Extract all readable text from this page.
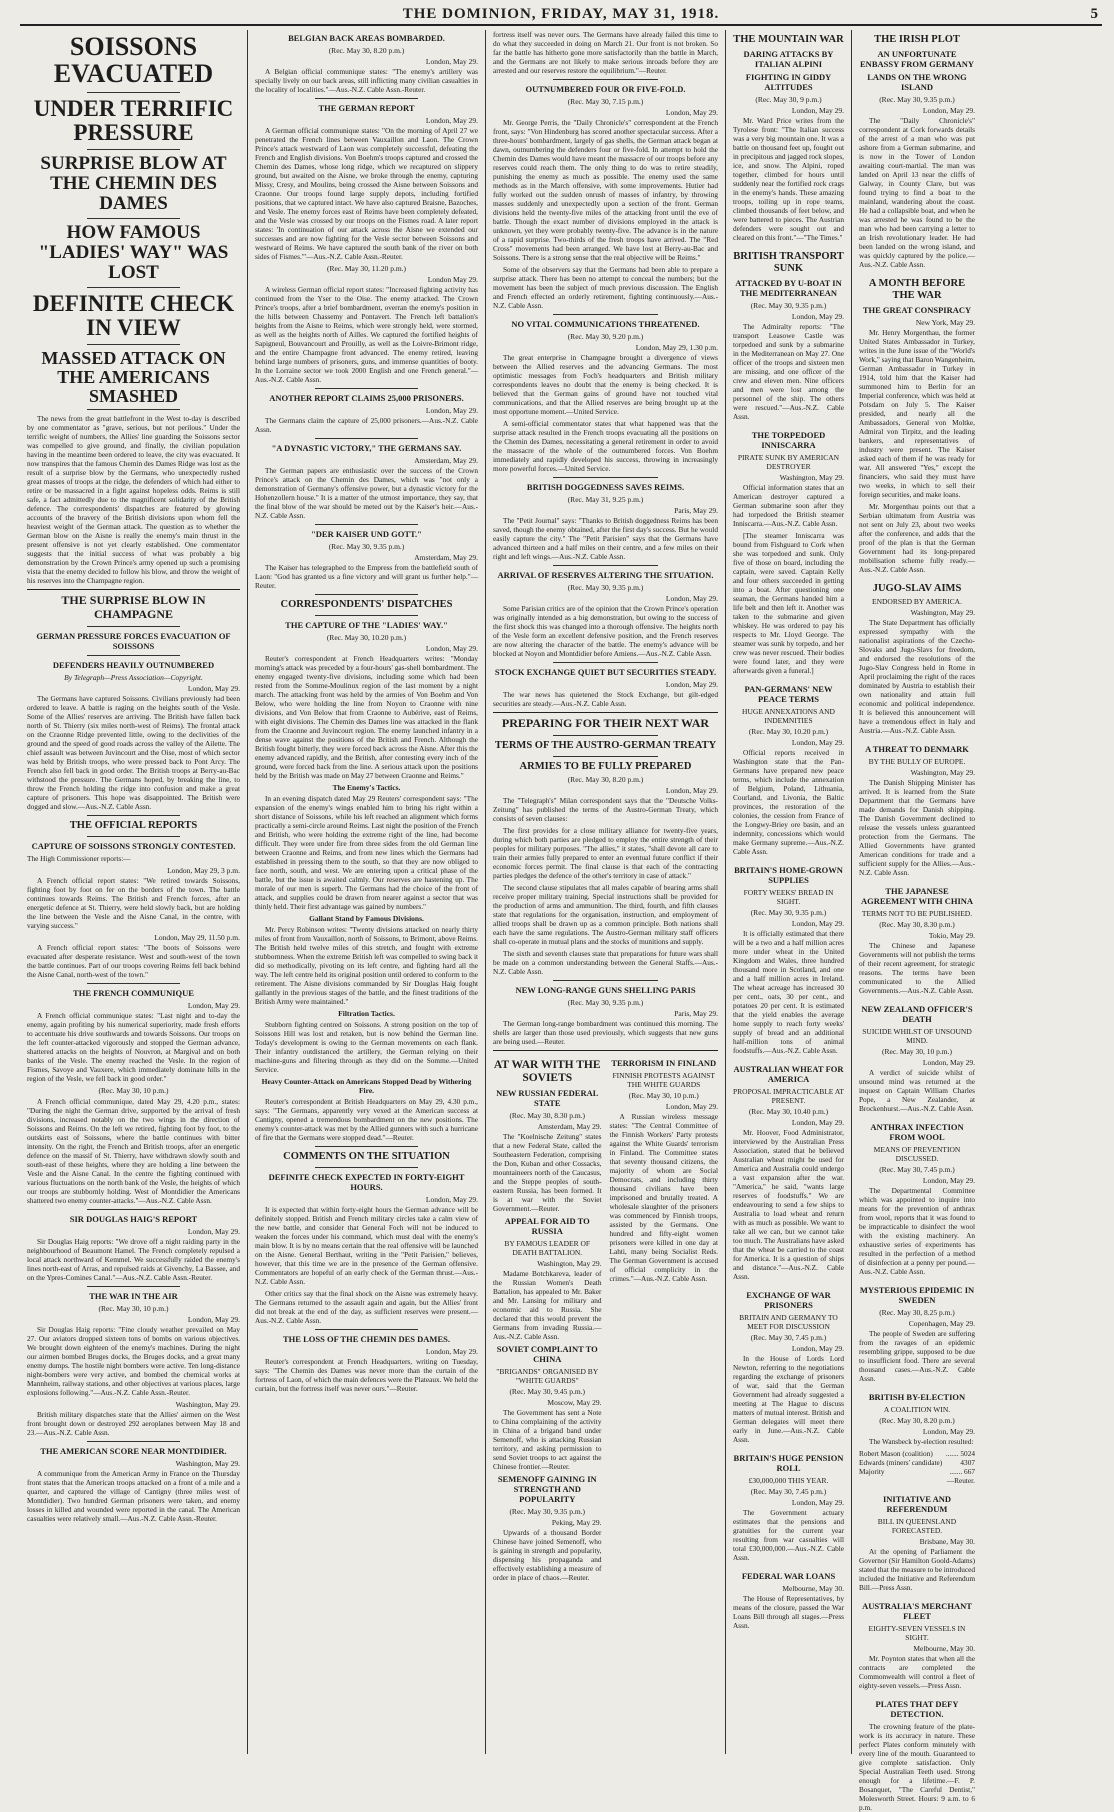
THE DOMINION, FRIDAY, MAY 31, 1918.	5
SOISSONS EVACUATED
UNDER TERRIFIC PRESSURE
SURPRISE BLOW AT THE CHEMIN DES DAMES
HOW FAMOUS "LADIES' WAY" WAS LOST
DEFINITE CHECK IN VIEW
MASSED ATTACK ON THE AMERICANS SMASHED
The news from the great battlefront in the West to-day is described by one commentator as "grave, serious, but not perilous." Under the terrific weight of numbers, the Allies' line guarding the Soissons sector was compelled to give ground, and finally, the civilian population having in the meantime been ordered to leave, the city was evacuated. It now transpires that the famous Chemin des Dames Ridge was lost as the result of a surprise blow by the Germans, who unexpectedly rushed great masses of troops at the ridge, the defenders of which had either to retire or be massacred in a fight against hopeless odds. Reims is still safe, a fact admittedly due to the magnificent solidarity of the British defence. The correspondents' dispatches are featured by glowing accounts of the bravery of the British divisions upon whom fell the heaviest weight of the German attack. The question as to whether the German blow on the Aisne is really the enemy's main thrust in the present offensive is not yet clearly established. One commentator suggests that the initial success of what was probably a big demonstration by the Crown Prince's army opened up such a promising vista that the enemy decided to follow his blow, and throw the weight of his reserves into the Champagne region.
THE SURPRISE BLOW IN CHAMPAGNE
GERMAN PRESSURE FORCES EVACUATION OF SOISSONS
DEFENDERS HEAVILY OUTNUMBERED
By Telegraph—Press Association—Copyright.
London, May 29.
The Germans have captured Soissons. Civilians previously had been ordered to leave. A battle is raging on the heights south of the Vesle. Some of the Allies' reserves are arriving. The British have fallen back north of St. Thierry (six miles north-west of Reims). The frontal attack on the Craonne Ridge prevented little, owing to the declivities of the ground and the speed of good roads across the valley of the Ailette. The chief assault was between Juvincourt and the Oise, most of which sector was held by British troops, who were pressed back to Pont Arcy. The French also fell back in good order. The British troops at Berry-au-Bac withstood the pressure. The Germans hoped, by breaking the line, to throw the French holding the ridge into confusion and make a great capture of prisoners. This hope was disappointed. The British were dogged and slow.—Aus.-N.Z. Cable Assn.
THE OFFICIAL REPORTS
CAPTURE OF SOISSONS STRONGLY CONTESTED.
The High Commissioner reports:—
London, May 29, 3 p.m.
A French official report states: "We retired towards Soissons, fighting foot by foot on fer on the borders of the town. The battle continues towards Reims. The British and French forces, after an energetic defence at St. Thierry, were held slowly back, but are holding the line between the Vesle and the Aisne Canal, in the centre, with varying success."
London, May 29, 11.50 p.m.
A French official report states: "The boots of Soissons were evacuated after desperate resistance. West and south-west of the town the battle continues. Part of our troops covering Reims fell back behind the Aisne Canal, north-west of the town."
THE FRENCH COMMUNIQUE
London, May 29.
A French official communique states: "Last night and to-day the enemy, again profiting by his numerical superiority, made fresh efforts to accentuate his drive southwards and towards Soissons. Our troops on the left counter-attacked vigorously and stopped the German advance, shattered attacks on the heights of Nouvron, at Margival and on both banks of the Vesle. The enemy reached the Vesle. In the region of Fismes, Savoye and Vauxere, which immediately dominate hills in the region of the Vesle, we fell back in good order."
(Rec. May 30, 10 p.m.)
A French official communique, dated May 29, 4.20 p.m., states: "During the night the German drive, supported by the arrival of fresh divisions, increased notably on the two wings in the direction of Soissons and Reims. On the left we retired, fighting foot by foot, to the outskirts east of Soissons, where the battle continues with bitter intensity. On the right, the French and British troops, after an energetic defence on the massif of St. Thierry, have withdrawn slowly south and south-east of these heights, where they are holding a line between the Vesle and the Aisne Canal. In the centre the fighting continued with various fluctuations on the north bank of the Vesle, the heights of which our troops are stubbornly holding. West of Montdidier the Americans shattered two enemy counter-attacks."—Aus.-N.Z. Cable Assn.
SIR DOUGLAS HAIG'S REPORT
London, May 29.
Sir Douglas Haig reports: "We drove off a night raiding party in the neighbourhood of Beaumont Hamel. The French completely repulsed a local attack northward of Kemmel. We successfully raided the enemy's lines north-east of Arras, and repulsed raids at Givenchy, La Bassee, and on the Ypres-Comines Canal."—Aus.-N.Z. Cable Assn.-Reuter.
THE WAR IN THE AIR
(Rec. May 30, 10 p.m.)
London, May 29.
Sir Douglas Haig reports: "Fine cloudy weather prevailed on May 27. Our aviators dropped sixteen tons of bombs on various objectives. We brought down eighteen of the enemy's machines. During the night our airmen bombed Bruges docks, the Bruges docks, and a great many enemy dumps. The hostile night bombers were active. Ten long-distance night-bombers were very active, and bombed the chemical works at Mannheim, railway stations, and other objectives at various places, large explosions following."—Aus.-N.Z. Cable Assn.-Reuter.
Washington, May 29.
British military dispatches state that the Allies' airmen on the West front brought down or destroyed 292 aeroplanes between May 18 and 23.—Aus.-N.Z. Cable Assn.
THE AMERICAN SCORE NEAR MONTDIDIER.
Washington, May 29.
A communique from the American Army in France on the Thursday front states that the American troops attacked on a front of a mile and a quarter, and captured the village of Cantigny (three miles west of Montdidier). Two hundred German prisoners were taken, and enemy losses in killed and wounded were reported in the canal. The American casualties were relatively small.—Aus.-N.Z. Cable Assn.-Reuter.
BELGIAN BACK AREAS BOMBARDED.
(Rec. May 30, 8.20 p.m.)
London, May 29.
A Belgian official communique states: "The enemy's artillery was specially lively on our back areas, still inflicting many civilian casualties in the locality of localities."—Aus.-N.Z. Cable Assn.-Reuter.
THE GERMAN REPORT
London, May 29.
A German official communique states: "On the morning of April 27 we penetrated the French lines between Vauxaillon and Laon. The Crown Prince's attack westward of Laon was completely successful, defeating the French and English divisions. Von Boehm's troops captured and crossed the Chemin des Dames, whose long ridge, which we recaptured on slippery ground, but awaited on the Aisne, we broke through the enemy, capturing Missy, Cresy, and Moulins, being crossed the Aisne between Soissons and Craonne. Our troops found large supply depots, including fortified positions, that we captured intact. We have also captured Braisne, Bazoches, and Vesle. The enemy forces east of Reims have been completely defeated, and the Vesle was crossed by our troops on the Fismes road. A later report states: 'In continuation of our attack across the Aisne we extended our successes and are now fighting for the Vesle sector between Soissons and westward of Reims. We have captured the south bank of the river on both sides of Fismes.'"—Aus.-N.Z. Cable Assn.-Reuter.
(Rec. May 30, 11.20 p.m.)
London May 29.
A wireless German official report states: "Increased fighting activity has continued from the Yser to the Oise. The enemy attacked. The Crown Prince's troops, after a brief bombardment, overran the enemy's position in the hills between Chassemy and Pontavert. The French left battalion's heights from the Aisne to Reims, which were strongly held, were stormed, as well as the heights north of Ailles. We captured the fortified heights of Sapigneul, Bouvancourt and Prouilly, as well as the Loivre-Brimont ridge, and the entire Champagne front advanced. The enemy retired, leaving behind large numbers of prisoners, guns, and immense quantities of booty. In the Lorraine sector we took 2000 English and one French general."—Aus.-N.Z. Cable Assn.
ANOTHER REPORT CLAIMS 25,000 PRISONERS.
London, May 29.
The Germans claim the capture of 25,000 prisoners.—Aus.-N.Z. Cable Assn.
"A DYNASTIC VICTORY," THE GERMANS SAY.
Amsterdam, May 29.
The German papers are enthusiastic over the success of the Crown Prince's attack on the Chemin des Dames, which was "not only a demonstration of Germany's offensive power, but a dynastic victory for the Hohenzollern house." It is a matter of the utmost importance, they say, that the final blow of the war should be meted out by the Kaiser's heir.—Aus.-N.Z. Cable Assn.
"DER KAISER UND GOTT."
(Rec. May 30, 9.35 p.m.)
Amsterdam, May 29.
The Kaiser has telegraphed to the Empress from the battlefield south of Laon: "God has granted us a fine victory and will grant us further help."—Reuter.
CORRESPONDENTS' DISPATCHES
THE CAPTURE OF THE "LADIES' WAY."
(Rec. May 30, 10.20 p.m.)
London, May 29.
Reuter's correspondent at French Headquarters writes: "Monday morning's attack was preceded by a four-hours' gas-shell bombardment. The enemy engaged twenty-five divisions, including some which had been rested from the Somme-Moulinux region of the last moment by a night march. The attacking front was held by the armies of Von Boehm and Von Below, who were holding the line from Noyon to Craonne with nine divisions, and Von Below that from Craonne to Aubérive, east of Reims, with eight divisions. The Chemin des Dames line was attacked in the flank from the Craonne and Juvincourt region. The enemy launched infantry in a dense wave against the positions of the British and French. Although the British fought bitterly, they were forced back across the Aisne. After this the enemy advanced rapidly, and the British, after contesting every inch of the ground, were forced back from the line. A serious attack upon the positions held by the British was made on May 27 between Craonne and Reims."
The Enemy's Tactics.
In an evening dispatch dated May 29 Reuters' correspondent says: "The expansion of the enemy's wings enabled him to bring his right within a short distance of Soissons, while his left reached an alignment which forms practically a semi-circle around Reims. Last night the position of the French and British, who were holding the extreme right of the line, had become difficult. They were under fire from three sides from the old German line between Craonne and Reims, and from new lines which the Germans had established in pressing them to the south, so that they are now obliged to face north, south, and west. We are entering upon a critical phase of the battle, but the issue is awaited calmly. Our reserves are hastening up. The morale of our men is superb. The Germans had the choice of the front of attack, and supplies could be drawn from nearer against a sector that was thinly held. Their first advantage was gained by numbers."
Gallant Stand by Famous Divisions.
Mr. Percy Robinson writes: "Twenty divisions attacked on nearly thirty miles of front from Vauxaillon, north of Soissons, to Brimont, above Reims. The British held twelve miles of this stretch, and fought with extreme stubbornness. When the extreme British left was compelled to swing back it did so methodically, pivoting on its left centre, and fighting hard all the way. The left centre held its original position until ordered to conform to the retirement. The Aisne divisions commanded by Sir Douglas Haig fought gallantly in the previous stages of the battle, and the finest traditions of the British Army were maintained."
Filtration Tactics.
Stubborn fighting centred on Soissons. A strong position on the top of Soissons Hill was lost and retaken, but is now behind the German line. Today's development is owing to the German movements on each flank. Their infantry outdistanced the artillery, the German relying on their machine-guns and filtering through as they did on the Somme.—United Service.
Heavy Counter-Attack on Americans Stopped Dead by Withering Fire.
Reuter's correspondent at British Headquarters on May 29, 4.30 p.m., says: "The Germans, apparently very vexed at the American success at Cantigny, opened a tremendous bombardment on the new positions. The enemy's counter-attack was met by the Allied gunners with such a hurricane of fire that the Germans were stopped dead."—Reuter.
COMMENTS ON THE SITUATION
DEFINITE CHECK EXPECTED IN FORTY-EIGHT HOURS.
London, May 29.
It is expected that within forty-eight hours the German advance will be definitely stopped. British and French military circles take a calm view of the new battle, and consider that General Foch will not be induced to weaken the forces under his command, which must deal with the enemy's main blow. It is by no means certain that the real offensive will be launched on the Aisne. General Berthaut, writing in the "Petit Parisien," believes, however, that this time we are in the presence of the German offensive. Commentators are hopeful of an early check of the German thrust.—Aus.-N.Z. Cable Assn.
Other critics say that the final shock on the Aisne was extremely heavy. The Germans returned to the assault again and again, but the Allies' front did not break at the end of the day, as sufficient reserves were present.—Aus.-N.Z. Cable Assn.
THE LOSS OF THE CHEMIN DES DAMES.
London, May 29.
Reuter's correspondent at French Headquarters, writing on Tuesday, says: "The Chemin des Dames was never more than the curtain of the fortress of Laon, of which the main defences were the Plateaux. We held the curtain, but the fortress itself was never ours."—Reuter.
fortress itself was never ours. The Germans have already failed this time to do what they succeeded in doing on March 21. Our front is not broken. So far the battle has hitherto gone more satisfactorily than the battle in March, and the Germans are not likely to make serious inroads before they are arrested and our reserves restore the equilibrium."—Reuter.
OUTNUMBERED FOUR OR FIVE-FOLD.
(Rec. May 30, 7.15 p.m.)
London, May 29.
Mr. George Perris, the "Daily Chronicle's" correspondent at the French front, says: "Von Hindenburg has scored another spectacular success. After a three-hours' bombardment, largely of gas shells, the German attack began at dawn, outnumbering the defenders four or five-fold. In attempt to hold the Chemin des Dames would have meant the massacre of our troops before any reserves could reach them. The only thing to do was to retire steadily, punishing the enemy as much as possible. The enemy used the same methods as in the March offensive, with some improvements. Hutier had fully worked out the sudden onrush of masses of infantry, by throwing masses suddenly and unexpectedly upon a section of the front. German divisions held the twenty-five miles of the attacking front until the eve of battle. Though the exact number of divisions employed in the attack is unknown, yet they were probably twenty-five. The advance is in the nature of a rapid surprise. Two-thirds of the fresh troops have arrived. The "Red Cross" movements had been arranged. We have lost at Berry-au-Bac and Soissons. There is a strong sense that the real objective will be Reims."
Some of the observers say that the Germans had been able to prepare a surprise attack. There has been no attempt to conceal the numbers; but the movement has been the subject of much previous discussion. The English and French effected an orderly retirement, fighting continuously.—Aus.-N.Z. Cable Assn.
NO VITAL COMMUNICATIONS THREATENED.
(Rec. May 30, 9.20 p.m.)
London, May 29, 1.30 p.m.
The great enterprise in Champagne brought a divergence of views between the Allied reserves and the advancing Germans. The most optimistic messages from Foch's headquarters and British military correspondents leaves no doubt that the enemy is being checked. It is believed that the German gains of ground have not touched vital communications, and that the Allied reserves are being brought up at the most opportune moment.—United Service.
A semi-official commentator states that what happened was that the surprise attack resulted in the French troops evacuating all the positions on the Chemin des Dames, necessitating a general retirement in order to avoid the massacre of the whole of the outnumbered forces. Von Boehm immediately and rapidly developed his success, throwing in increasingly more powerful forces.—United Service.
BRITISH DOGGEDNESS SAVES REIMS.
(Rec. May 31, 9.25 p.m.)
Paris, May 29.
The "Petit Journal" says: "Thanks to British doggedness Reims has been saved, though the enemy obtained, after the first day's success. But he would easily capture the city." The "Petit Parisien" says that the Germans have advanced thirteen and a half miles on their centre, and a few miles on their right and left wings.—Aus.-N.Z. Cable Assn.
ARRIVAL OF RESERVES ALTERING THE SITUATION.
(Rec. May 30, 9.35 p.m.)
London, May 29.
Some Parisian critics are of the opinion that the Crown Prince's operation was originally intended as a big demonstration, but owing to the success of the first shock this was changed into a thorough offensive. The heights north of the Vesle form an excellent defensive position, and the French reserves are now altering the character of the battle. The enemy's advance will be blocked at Noyon and Montdidier before Amiens.—Aus.-N.Z. Cable Assn.
STOCK EXCHANGE QUIET BUT SECURITIES STEADY.
London, May 29.
The war news has quietened the Stock Exchange, but gilt-edged securities are steady.—Aus.-N.Z. Cable Assn.
PREPARING FOR THEIR NEXT WAR
TERMS OF THE AUSTRO-GERMAN TREATY
ARMIES TO BE FULLY PREPARED
(Rec. May 30, 8.20 p.m.)
London, May 29.
The "Telegraph's" Milan correspondent says that the "Deutsche Volks-Zeitung" has published the terms of the Austro-German Treaty, which consists of seven clauses:
The first provides for a close military alliance for twenty-five years, during which both parties are pledged to employ the entire strength of their peoples for military purposes. "The allies," it states, "shall devote all care to train their armies fully prepared to enter an eventual future conflict if their economic forces permit. The final clause is that each of the contracting parties pledges the defence of the other's territory in case of attack."
The second clause stipulates that all males capable of bearing arms shall receive proper military training. Special instructions shall be provided for the production of arms and ammunition. The third, fourth, and fifth clauses state that regulations for the organisation, instruction, and employment of allied troops shall be drawn up as a common principle. Both nations shall each have the same regulations. The Austro-German military staff officers shall co-operate in mutual plans and the stocks of munitions and supply.
The sixth and seventh clauses state that preparations for future wars shall be made on a common understanding between the General Staffs.—Aus.-N.Z. Cable Assn.
NEW LONG-RANGE GUNS SHELLING PARIS
(Rec. May 30, 9.35 p.m.)
Paris, May 29.
The German long-range bombardment was continued this morning. The shells are larger than those used previously, which suggests that new guns are being used.—Reuter.
AT WAR WITH THE SOVIETS
NEW RUSSIAN FEDERAL STATE
(Rec. May 30, 8.30 p.m.)
Amsterdam, May 29.
The "Koelnische Zeitung" states that a new Federal State, called the Southeastern Federation, comprising the Don, Kuban and other Cossacks, mountaineers north of the Caucasus, and the Steppe peoples of south-eastern Russia, has been formed. It is at war with the Soviet Government.—Reuter.
APPEAL FOR AID TO RUSSIA
BY FAMOUS LEADER OF DEATH BATTALION.
Washington, May 29.
Madame Botchkareva, leader of the Russian Women's Death Battalion, has appealed to Mr. Baker and Mr. Lansing for military and economic aid to Russia. She declared that this would prevent the Germans from invading Russia.—Aus.-N.Z. Cable Assn.
SOVIET COMPLAINT TO CHINA
"BRIGANDS" ORGANISED BY "WHITE GUARDS"
(Rec. May 30, 9.45 p.m.)
Moscow, May 29.
The Government has sent a Note to China complaining of the activity in China of a brigand band under Semenoff, who is attacking Russian territory, and asking permission to send Soviet troops to act against the Chinese frontier.—Reuter.
SEMENOFF GAINING IN STRENGTH AND POPULARITY
(Rec. May 30, 9.35 p.m.)
Peking, May 29.
Upwards of a thousand Border Chinese have joined Semenoff, who is gaining in strength and popularity, dispensing his propaganda and effectively establishing a measure of order in place of chaos.—Reuter.
TERRORISM IN FINLAND
FINNISH PROTESTS AGAINST THE WHITE GUARDS
(Rec. May 30, 10 p.m.)
London, May 29.
A Russian wireless message states: "The Central Committee of the Finnish Workers' Party protests against the White Guards' terrorism in Finland. The Committee states that seventy thousand citizens, the majority of whom are Social Democrats, and including thirty thousand civilians have been imprisoned and brutally treated. A wholesale slaughter of the prisoners was commenced by Finnish troops, assisted by the Germans. One hundred and fifty-eight women prisoners were killed in one day at Lahti, many being Socialist Reds. The German Government is accused of official complicity in the crimes."—Aus.-N.Z. Cable Assn.
THE MOUNTAIN WAR
DARING ATTACKS BY ITALIAN ALPINI
FIGHTING IN GIDDY ALTITUDES
(Rec. May 30, 9 p.m.)
London, May 29.
Mr. Ward Price writes from the Tyrolese front: "The Italian success was a very big mountain one. It was a battle on thousand feet up, fought out in precipitous and jagged rock slopes, ice, and snow. The Alpini, roped together, climbed for hours until suddenly near the fortified rock crags in the enemy's hands. These amazing troops, toiling up in rope teams, climbed thousands of feet below, and were battered to pieces. The Austrian defenders were sought out and cleared on this front."—"The Times."
BRITISH TRANSPORT SUNK
ATTACKED BY U-BOAT IN THE MEDITERRANEAN
(Rec. May 30, 9.35 p.m.)
London, May 29.
The Admiralty reports: "The transport Leasowe Castle was torpedoed and sunk by a submarine in the Mediterranean on May 27. One officer of the troops and sixteen men are missing, and one officer of the crew and eleven men. Nine officers and men were lost among the personnel of the ship. The others were rescued."—Aus.-N.Z. Cable Assn.
THE TORPEDOED INNISCARRA
PIRATE SUNK BY AMERICAN DESTROYER
Washington, May 29.
Official information states that an American destroyer captured a German submarine soon after they had torpedoed the British steamer Inniscarra.—Aus.-N.Z. Cable Assn.
[The steamer Inniscarra was bound from Fishguard to Cork when she was torpedoed and sunk. Only five of those on board, including the captain, were saved. Captain Kelly and four others succeeded in getting into a boat. After questioning one seaman, the Germans handed him a life belt and then left it. Another was taken to the submarine and given whiskey. He was ordered to pay his respects to Mr. Lloyd George. The steamer was sunk by torpedo, and her crew was never rescued. Their bodies were found later, and they were afterwards given a funeral.]
PAN-GERMANS' NEW PEACE TERMS
HUGE ANNEXATIONS AND INDEMNITIES
(Rec. May 30, 10.20 p.m.)
London, May 29.
Official reports received in Washington state that the Pan-Germans have prepared new peace terms, which include the annexation of Belgium, Poland, Lithuania, Courland, and Livonia, the Baltic provinces, the restoration of the colonies, the cession from France of the Longwy-Briey ore basin, and an indemnity, concessions which would make Germany supreme.—Aus.-N.Z. Cable Assn.
BRITAIN'S HOME-GROWN SUPPLIES
FORTY WEEKS' BREAD IN SIGHT.
(Rec. May 30, 9.35 p.m.)
London, May 29.
It is officially estimated that there will be a two and a half million acres more under wheat in the United Kingdom and Wales, three hundred thousand more in Scotland, and one and a half million acres in Ireland. The wheat acreage has increased 30 per cent., oats, 30 per cent., and potatoes 20 per cent. It is estimated that the yield enables the average home supply to reach forty weeks' supply of bread and an additional half-million tons of animal foodstuffs.—Aus.-N.Z. Cable Assn.
AUSTRALIAN WHEAT FOR AMERICA
PROPOSAL IMPRACTICABLE AT PRESENT.
(Rec. May 30, 10.40 p.m.)
London, May 29.
Mr. Hoover, Food Administrator, interviewed by the Australian Press Association, stated that he believed Australian wheat might be used for America and Australia could undergo a vast expansion after the war. "America," he said, "wants large reserves of foodstuffs." We are endeavouring to send a few ships to Australia to load wheat and return with as much as possible. We want to take all we can, but we cannot take too much. The Australians have asked that the wheat be carried to the coast for America. It is a question of ships and distance."—Aus.-N.Z. Cable Assn.
EXCHANGE OF WAR PRISONERS
BRITAIN AND GERMANY TO MEET FOR DISCUSSION
(Rec. May 30, 7.45 p.m.)
London, May 29.
In the House of Lords Lord Newton, referring to the negotiations regarding the exchange of prisoners of war, said that the German Government had already suggested a meeting at The Hague to discuss matters of mutual interest. British and German delegates will meet there early in June.—Aus.-N.Z. Cable Assn.
BRITAIN'S HUGE PENSION ROLL
£30,000,000 THIS YEAR.
(Rec. May 30, 7.45 p.m.)
London, May 29.
The Government actuary estimates that the pensions and gratuities for the current year resulting from war casualties will total £30,000,000.—Aus.-N.Z. Cable Assn.
FEDERAL WAR LOANS
Melbourne, May 30.
The House of Representatives, by means of the closure, passed the War Loans Bill through all stages.—Press Assn.
THE IRISH PLOT
AN UNFORTUNATE ENBASSY FROM GERMANY
LANDS ON THE WRONG ISLAND
(Rec. May 30, 9.35 p.m.)
London, May 29.
The "Daily Chronicle's" correspondent at Cork forwards details of the arrest of a man who was put ashore from a German submarine, and is now in the Tower of London awaiting court-martial. The man was landed on April 13 near the cliffs of Galway, in County Clare, but was found trying to find a boat to the mainland, wandering about the coast. He had a collapsible boat, and when he was arrested he was found to be the man who had been carrying a letter to an Irish revolutionary leader. He had been landed on the wrong island, and was quickly captured by the police.—Aus.-N.Z. Cable Assn.
A MONTH BEFORE THE WAR
THE GREAT CONSPIRACY
New York, May 29.
Mr. Henry Morgenthau, the former United States Ambassador in Turkey, writes in the June issue of the "World's Work," saying that Baron Wangenheim, German Ambassador in Turkey in 1914, told him that the Kaiser had summoned him to Berlin for an Imperial conference, which was held at Potsdam on July 5. The Kaiser presided, and nearly all the Ambassadors, General von Moltke, Admiral von Tirpitz, and the leading bankers, and representatives of industry were present. The Kaiser asked each of them if he was ready for war. All answered "Yes," except the financiers, who said they must have two weeks, in which to sell their foreign securities, and make loans.
Mr. Morgenthau points out that a Serbian ultimatum from Austria was not sent on July 23, about two weeks after the conference, and adds that the proof of the plan is that the German Government had its long-prepared mobilisation scheme fully ready.—Aus.-N.Z. Cable Assn.
JUGO-SLAV AIMS
ENDORSED BY AMERICA.
Washington, May 29.
The State Department has officially expressed sympathy with the nationalist aspirations of the Czecho-Slovaks and Jugo-Slavs for freedom, and endorsed the resolutions of the Jugo-Slav Congress held in Rome in April proclaiming the right of the races dominated by Austria to establish their own nationality and attain full economic and political independence. It is believed this announcement will have a tremendous effect in Italy and Austria.—Aus.-N.Z. Cable Assn.
A THREAT TO DENMARK
BY THE BULLY OF EUROPE.
Washington, May 29.
The Danish Shipping Minister has arrived. It is learned from the State Department that the Germans have made demands for Danish shipping. The Danish Government declined to release the vessels unless guaranteed protection from the Germans. The Allied Governments have granted American conditions for trade and a sufficient supply for the Allies.—Aus.-N.Z. Cable Assn.
THE JAPANESE AGREEMENT WITH CHINA
TERMS NOT TO BE PUBLISHED.
(Rec. May 30, 8.30 p.m.)
Tokio, May 29.
The Chinese and Japanese Governments will not publish the terms of their recent agreement, for strategic reasons. The terms have been communicated to the Allied Governments.—Aus.-N.Z. Cable Assn.
NEW ZEALAND OFFICER'S DEATH
SUICIDE WHILST OF UNSOUND MIND.
(Rec. May 30, 10 p.m.)
London, May 29.
A verdict of suicide whilst of unsound mind was returned at the inquest on Captain William Charles Pope, a New Zealander, at Brockenhurst.—Aus.-N.Z. Cable Assn.
ANTHRAX INFECTION FROM WOOL
MEANS OF PREVENTION DISCUSSED.
(Rec. May 30, 7.45 p.m.)
London, May 29.
The Departmental Committee which was appointed to inquire into means for the prevention of anthrax from wool, reports that it was found to be impracticable to disinfect the wool with the existing machinery. An exhaustive series of experiments has resulted in the perfection of a method of disinfection at a penny per pound.—Aus.-N.Z. Cable Assn.
MYSTERIOUS EPIDEMIC IN SWEDEN
(Rec. May 30, 8.25 p.m.)
Copenhagen, May 29.
The people of Sweden are suffering from the ravages of an epidemic resembling grippe, supposed to be due to insufficient food. There are several thousand cases.—Aus.-N.Z. Cable Assn.
BRITISH BY-ELECTION
A COALITION WIN.
(Rec. May 30, 8.20 p.m.)
London, May 29.
The Wansbeck by-election resulted:
Robert Mason (coalition) ....... 5024
Edwards (miners' candidate) 4307
Majority	....... 667
—Reuter.
INITIATIVE AND REFERENDUM
BILL IN QUEENSLAND FORECASTED.
Brisbane, May 30.
At the opening of Parliament the Governor (Sir Hamilton Goold-Adams) stated that the measure to be introduced included the Initiative and Referendum Bill.—Press Assn.
AUSTRALIA'S MERCHANT FLEET
EIGHTY-SEVEN VESSELS IN SIGHT.
Melbourne, May 30.
Mr. Poynton states that when all the contracts are completed the Commonwealth will control a fleet of eighty-seven vessels.—Press Assn.
PLATES THAT DEFY DETECTION.
The crowning feature of the plate-work is its accuracy in nature. These perfect Plates conform minutely with every line of the mouth. Guaranteed to give complete satisfaction. Only Special Australian Teeth used. Strong enough for a lifetime.—F. P. Bosanquet, "The Careful Dentist," Molesworth Street. Hours: 9 a.m. to 6 p.m.
